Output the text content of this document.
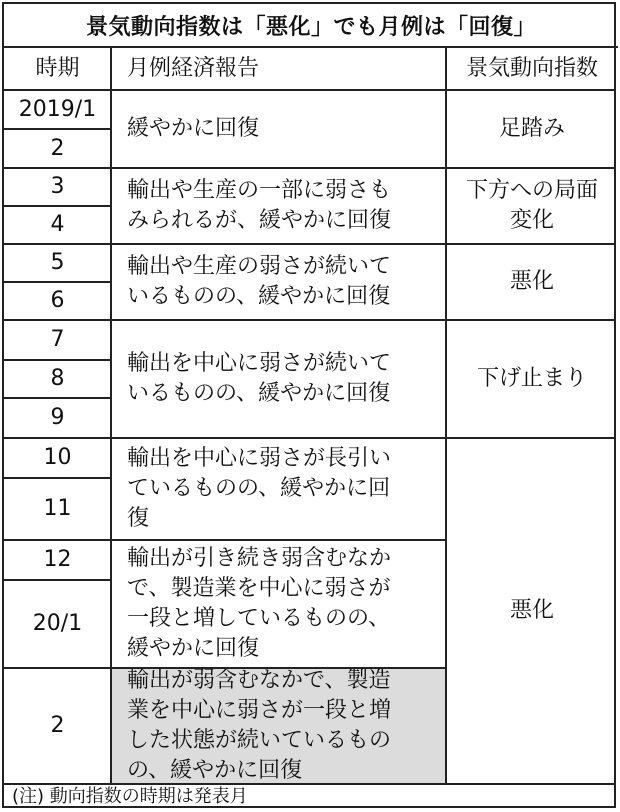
景気動向指数は「悪化」でも月例は「回復」
時期	月例経済報告	景気動向指数
2019/1
2
3
4
5
6
7
8
9
10
11
12
20/1
2
緩やかに回復
輸出や生産の一部に弱さも
みられるが、緩やかに回復
輸出や生産の弱さが続いて
いるものの、緩やかに回復
輸出を中心に弱さが続いて
いるものの、緩やかに回復
輸出を中心に弱さが長引い
ているものの、緩やかに回
復
輸出が引き続き弱含むなか
で、製造業を中心に弱さが
一段と増しているものの、
緩やかに回復
輸出が弱含むなかで、製造
業を中心に弱さが一段と増
した状態が続いているもの
の、緩やかに回復
足踏み
下方への局面
変化
悪化
下げ止まり
悪化
(注) 動向指数の時期は発表月
